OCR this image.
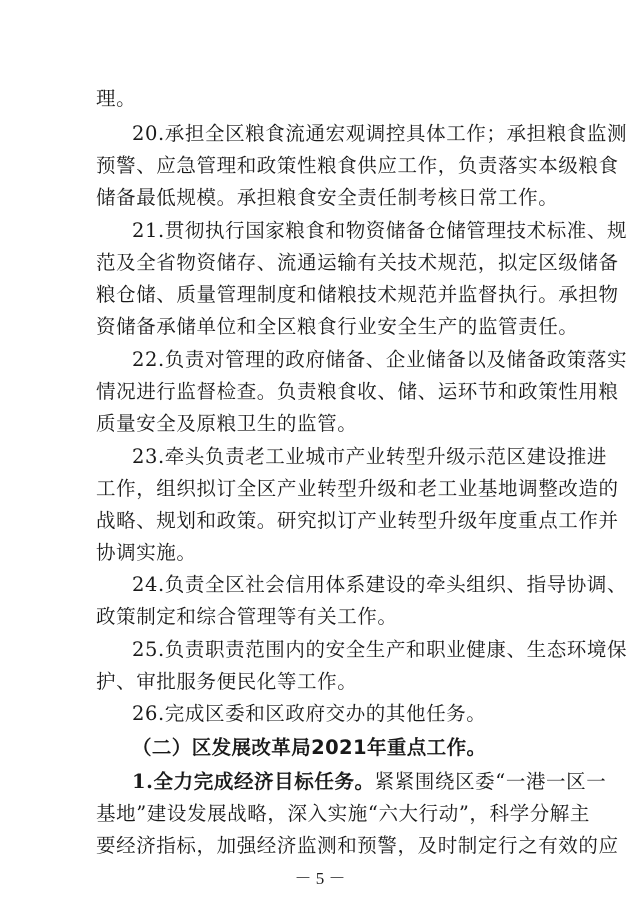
理。
20.承担全区粮食流通宏观调控具体工作；承担粮食监测
预警、应急管理和政策性粮食供应工作，负责落实本级粮食
储备最低规模。承担粮食安全责任制考核日常工作。
21.贯彻执行国家粮食和物资储备仓储管理技术标准、规
范及全省物资储存、流通运输有关技术规范，拟定区级储备
粮仓储、质量管理制度和储粮技术规范并监督执行。承担物
资储备承储单位和全区粮食行业安全生产的监管责任。
22.负责对管理的政府储备、企业储备以及储备政策落实
情况进行监督检查。负责粮食收、储、运环节和政策性用粮
质量安全及原粮卫生的监管。
23.牵头负责老工业城市产业转型升级示范区建设推进
工作，组织拟订全区产业转型升级和老工业基地调整改造的
战略、规划和政策。研究拟订产业转型升级年度重点工作并
协调实施。
24.负责全区社会信用体系建设的牵头组织、指导协调、
政策制定和综合管理等有关工作。
25.负责职责范围内的安全生产和职业健康、生态环境保
护、审批服务便民化等工作。
26.完成区委和区政府交办的其他任务。
（二）区发展改革局2021年重点工作。
1.全力完成经济目标任务。紧紧围绕区委“一港一区一
基地”建设发展战略，深入实施“六大行动”，科学分解主
要经济指标，加强经济监测和预警，及时制定行之有效的应
－ 5 －
